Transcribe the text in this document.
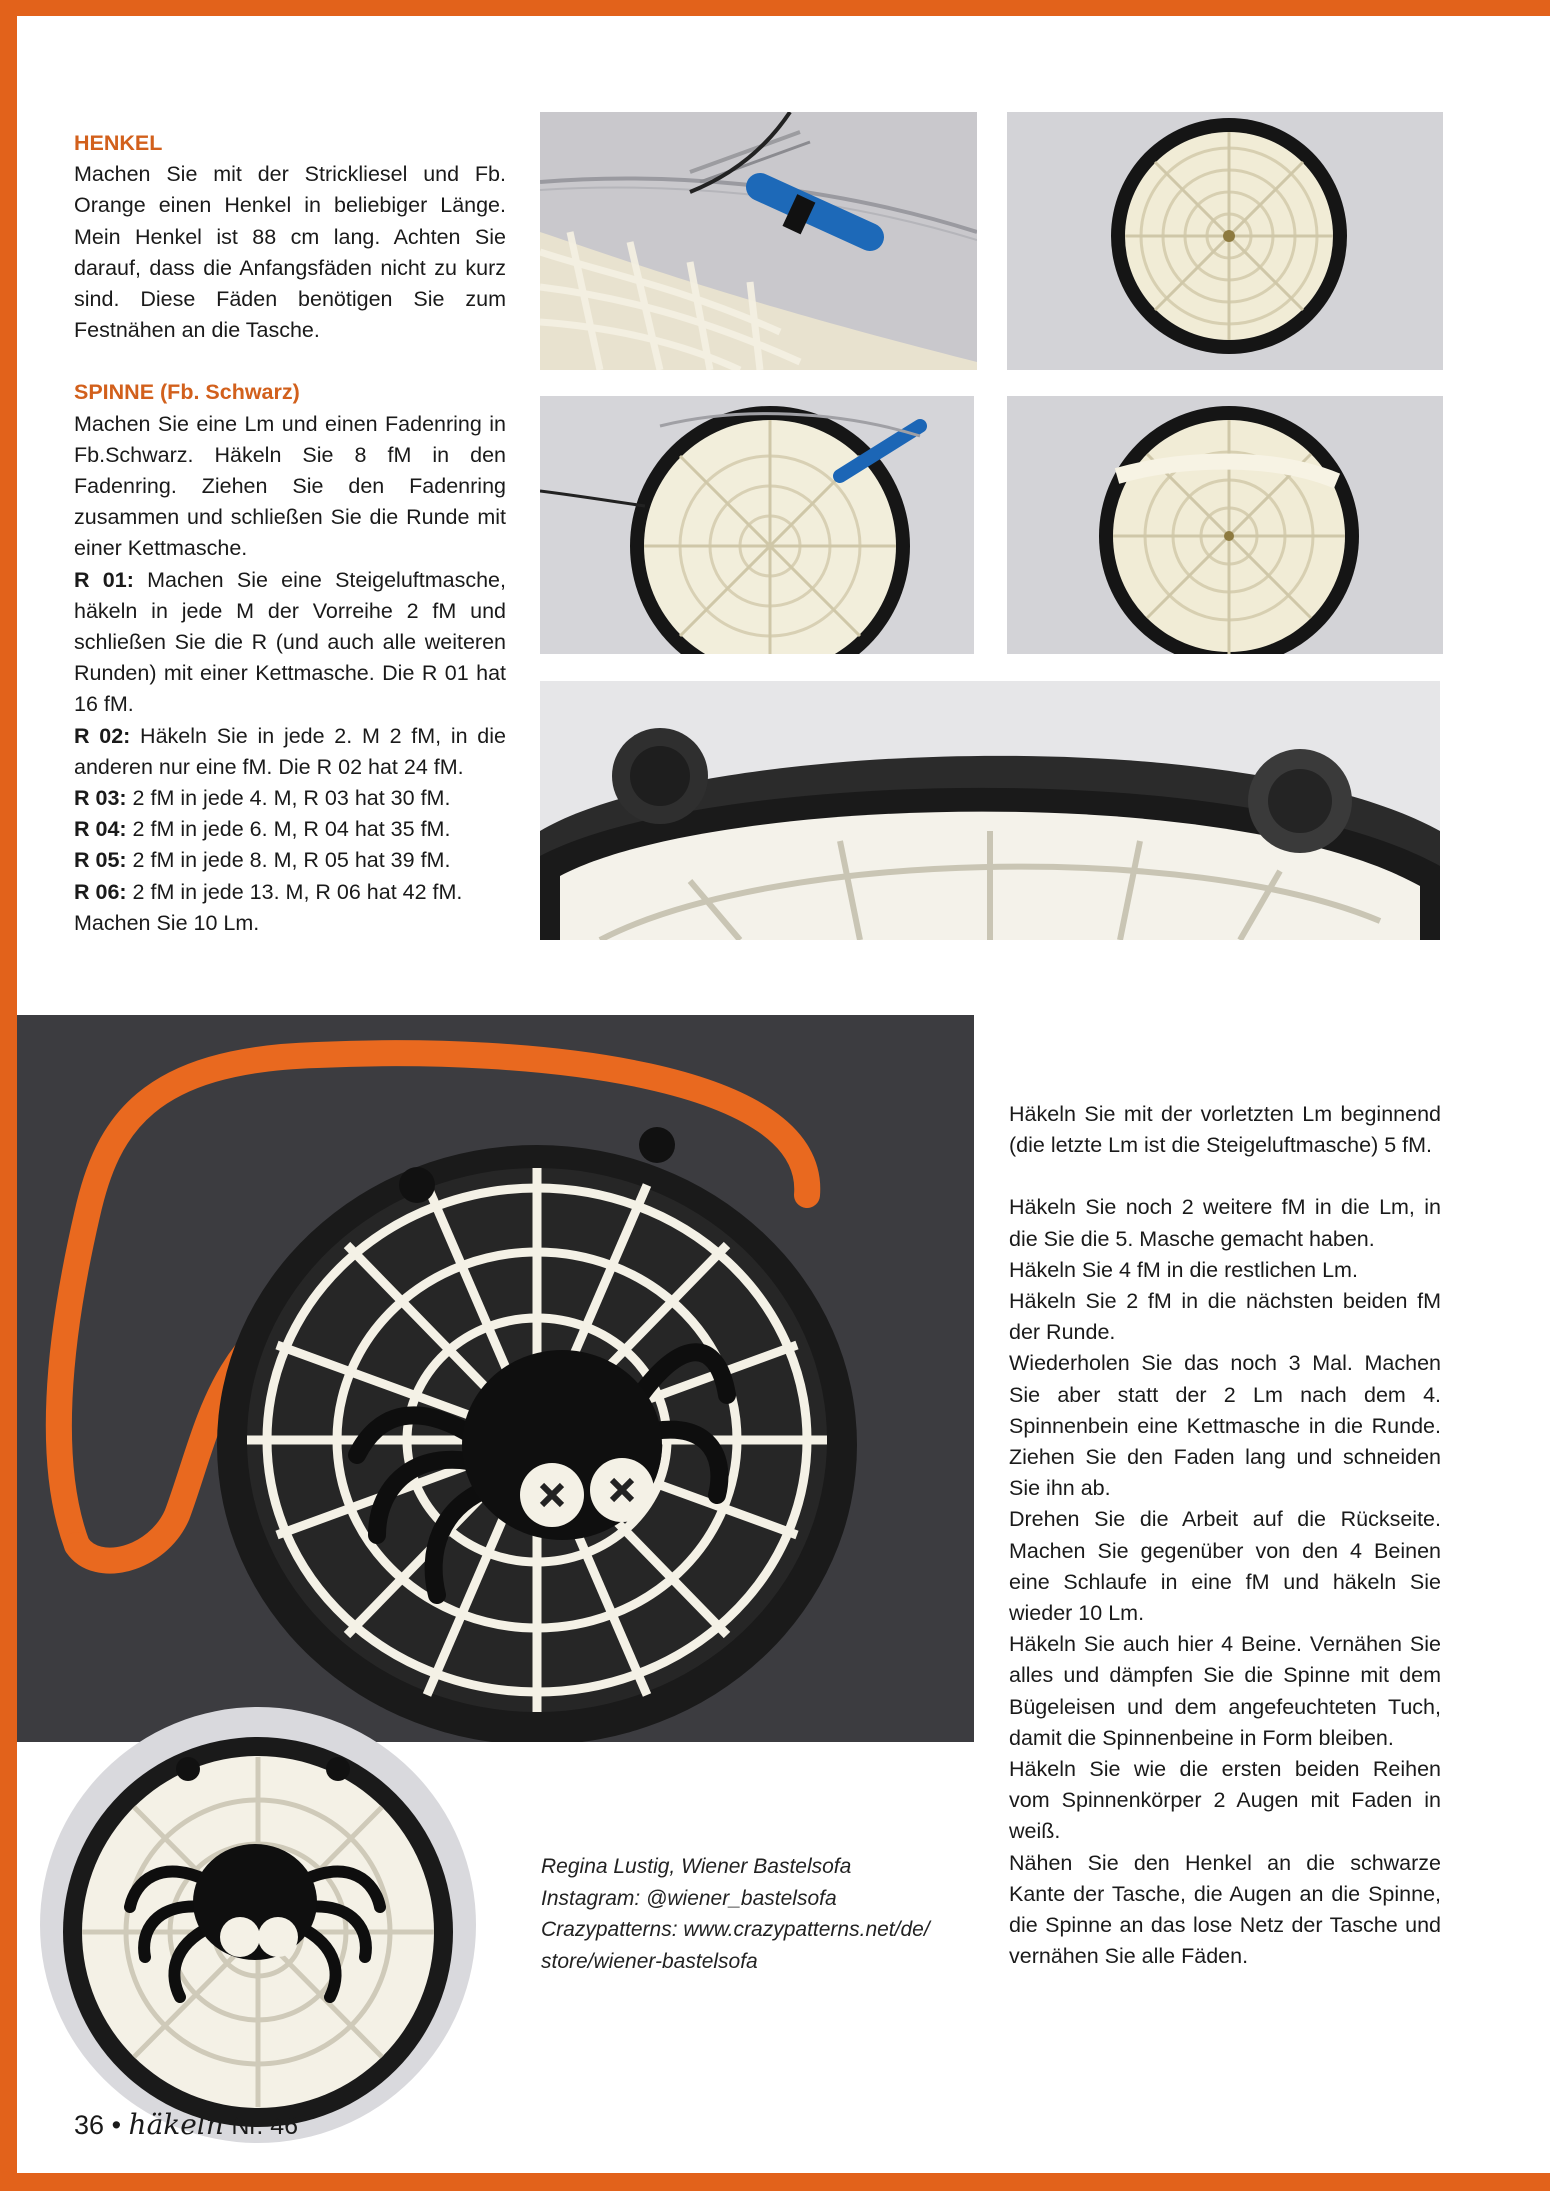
HENKEL

Machen Sie mit der Strickliesel und Fb. Orange einen Henkel in beliebiger Länge. Mein Henkel ist 88 cm lang. Achten Sie darauf, dass die Anfangsfäden nicht zu kurz sind. Diese Fäden benötigen Sie zum Festnähen an die Tasche.

SPINNE (Fb. Schwarz)

Machen Sie eine Lm und einen Fadenring in Fb.Schwarz. Häkeln Sie 8 fM in den Fadenring. Ziehen Sie den Fadenring zusammen und schließen Sie die Runde mit einer Kettmasche.

R 01: Machen Sie eine Steigeluftmasche, häkeln in jede M der Vorreihe 2 fM und schließen Sie die R (und auch alle weiteren Runden) mit einer Kettmasche. Die R 01 hat 16 fM.

R 02: Häkeln Sie in jede 2. M 2 fM, in die anderen nur eine fM. Die R 02 hat 24 fM.

R 03: 2 fM in jede 4. M, R 03 hat 30 fM.

R 04: 2 fM in jede 6. M, R 04 hat 35 fM.

R 05: 2 fM in jede 8. M, R 05 hat 39 fM.

R 06: 2 fM in jede 13. M, R 06 hat 42 fM.

Machen Sie 10 Lm.

Regina Lustig, Wiener Bastelsofa
Instagram: @wiener_bastelsofa
Crazypatterns: www.crazypatterns.net/de/
store/wiener-bastelsofa

Häkeln Sie mit der vorletzten Lm beginnend (die letzte Lm ist die Steigeluftmasche) 5 fM.

Häkeln Sie noch 2 weitere fM in die Lm, in die Sie die 5. Masche gemacht haben.

Häkeln Sie 4 fM in die restlichen Lm.

Häkeln Sie 2 fM in die nächsten beiden fM der Runde.

Wiederholen Sie das noch 3 Mal. Machen Sie aber statt der 2 Lm nach dem 4. Spinnenbein eine Kettmasche in die Runde. Ziehen Sie den Faden lang und schneiden Sie ihn ab.

Drehen Sie die Arbeit auf die Rückseite. Machen Sie gegenüber von den 4 Beinen eine Schlaufe in eine fM und häkeln Sie wieder 10 Lm.

Häkeln Sie auch hier 4 Beine. Vernähen Sie alles und dämpfen Sie die Spinne mit dem Bügeleisen und dem angefeuchteten Tuch, damit die Spinnenbeine in Form bleiben.

Häkeln Sie wie die ersten beiden Reihen vom Spinnenkörper 2 Augen mit Faden in weiß.

Nähen Sie den Henkel an die schwarze Kante der Tasche, die Augen an die Spinne, die Spinne an das lose Netz der Tasche und vernähen Sie alle Fäden.

36 • häkeln Nr. 46
